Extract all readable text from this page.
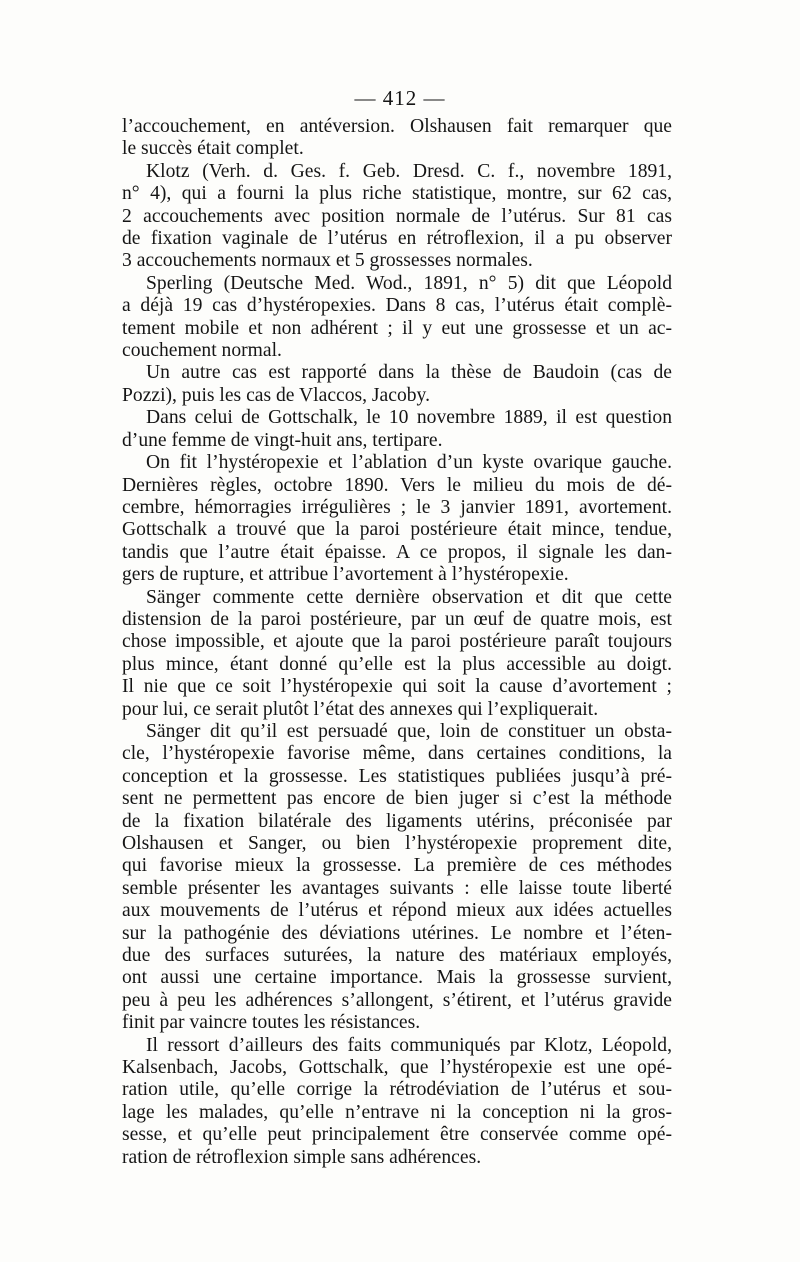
— 412 —
l’accouchement, en antéversion. Olshausen fait remarquer que
le succès était complet.
Klotz (Verh. d. Ges. f. Geb. Dresd. C. f., novembre 1891,
n° 4), qui a fourni la plus riche statistique, montre, sur 62 cas,
2 accouchements avec position normale de l’utérus. Sur 81 cas
de fixation vaginale de l’utérus en rétroflexion, il a pu observer
3 accouchements normaux et 5 grossesses normales.
Sperling (Deutsche Med. Wod., 1891, n° 5) dit que Léopold
a déjà 19 cas d’hystéropexies. Dans 8 cas, l’utérus était complè-
tement mobile et non adhérent ; il y eut une grossesse et un ac-
couchement normal.
Un autre cas est rapporté dans la thèse de Baudoin (cas de
Pozzi), puis les cas de Vlaccos, Jacoby.
Dans celui de Gottschalk, le 10 novembre 1889, il est question
d’une femme de vingt-huit ans, tertipare.
On fit l’hystéropexie et l’ablation d’un kyste ovarique gauche.
Dernières règles, octobre 1890. Vers le milieu du mois de dé-
cembre, hémorragies irrégulières ; le 3 janvier 1891, avortement.
Gottschalk a trouvé que la paroi postérieure était mince, tendue,
tandis que l’autre était épaisse. A ce propos, il signale les dan-
gers de rupture, et attribue l’avortement à l’hystéropexie.
Sänger commente cette dernière observation et dit que cette
distension de la paroi postérieure, par un œuf de quatre mois, est
chose impossible, et ajoute que la paroi postérieure paraît toujours
plus mince, étant donné qu’elle est la plus accessible au doigt.
Il nie que ce soit l’hystéropexie qui soit la cause d’avortement ;
pour lui, ce serait plutôt l’état des annexes qui l’expliquerait.
Sänger dit qu’il est persuadé que, loin de constituer un obsta-
cle, l’hystéropexie favorise même, dans certaines conditions, la
conception et la grossesse. Les statistiques publiées jusqu’à pré-
sent ne permettent pas encore de bien juger si c’est la méthode
de la fixation bilatérale des ligaments utérins, préconisée par
Olshausen et Sanger, ou bien l’hystéropexie proprement dite,
qui favorise mieux la grossesse. La première de ces méthodes
semble présenter les avantages suivants : elle laisse toute liberté
aux mouvements de l’utérus et répond mieux aux idées actuelles
sur la pathogénie des déviations utérines. Le nombre et l’éten-
due des surfaces suturées, la nature des matériaux employés,
ont aussi une certaine importance. Mais la grossesse survient,
peu à peu les adhérences s’allongent, s’étirent, et l’utérus gravide
finit par vaincre toutes les résistances.
Il ressort d’ailleurs des faits communiqués par Klotz, Léopold,
Kalsenbach, Jacobs, Gottschalk, que l’hystéropexie est une opé-
ration utile, qu’elle corrige la rétrodéviation de l’utérus et sou-
lage les malades, qu’elle n’entrave ni la conception ni la gros-
sesse, et qu’elle peut principalement être conservée comme opé-
ration de rétroflexion simple sans adhérences.
